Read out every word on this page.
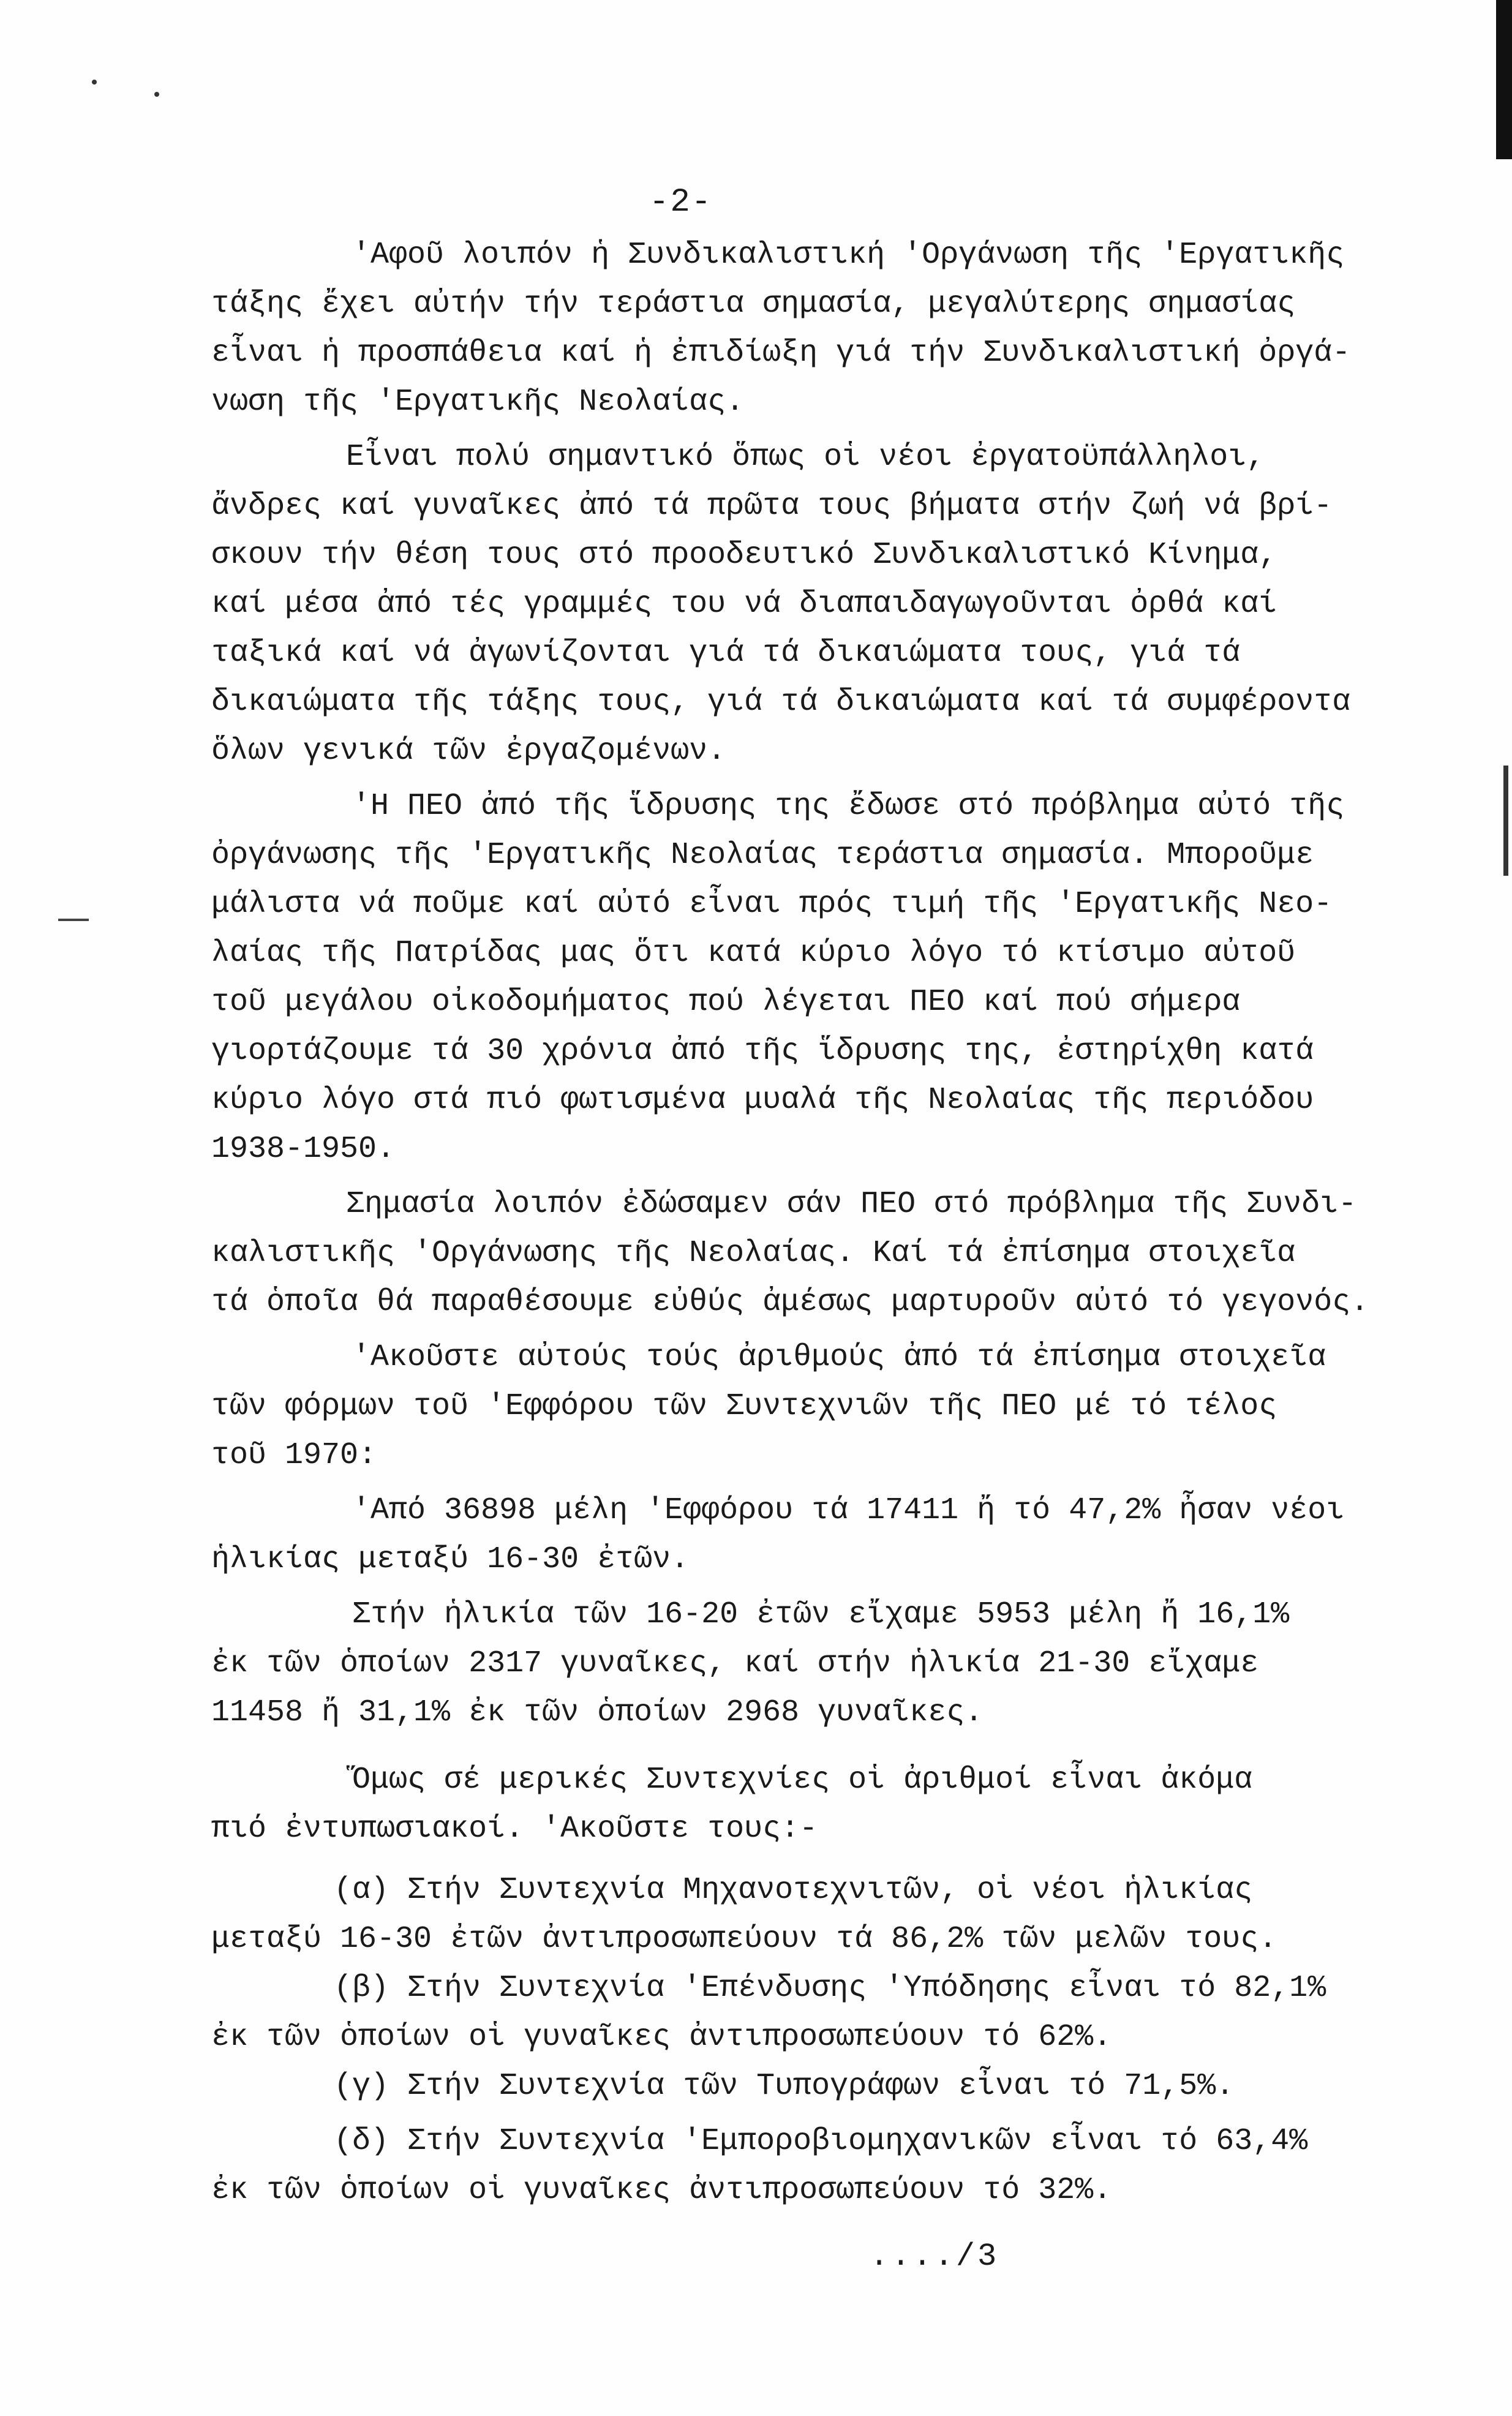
-2-
'Αφοῦ λοιπόν ἡ Συνδικαλιστική 'Οργάνωση τῆς 'Εργατικῆς
τάξης ἔχει αὐτήν τήν τεράστια σημασία, μεγαλύτερης σημασίας
εἶναι ἡ προσπάθεια καί ἡ ἐπιδίωξη γιά τήν Συνδικαλιστική ὀργά-
νωση τῆς 'Εργατικῆς Νεολαίας.
Εἶναι πολύ σημαντικό ὅπως οἱ νέοι ἐργατοϋπάλληλοι,
ἄνδρες καί γυναῖκες ἀπό τά πρῶτα τους βήματα στήν ζωή νά βρί-
σκουν τήν θέση τους στό προοδευτικό Συνδικαλιστικό Κίνημα,
καί μέσα ἀπό τές γραμμές του νά διαπαιδαγωγοῦνται ὀρθά καί
ταξικά καί νά ἀγωνίζονται γιά τά δικαιώματα τους, γιά τά
δικαιώματα τῆς τάξης τους, γιά τά δικαιώματα καί τά συμφέροντα
ὅλων γενικά τῶν ἐργαζομένων.
'Η ΠΕΟ ἀπό τῆς ἵδρυσης της ἔδωσε στό πρόβλημα αὐτό τῆς
ὀργάνωσης τῆς 'Εργατικῆς Νεολαίας τεράστια σημασία. Μποροῦμε
μάλιστα νά ποῦμε καί αὐτό εἶναι πρός τιμή τῆς 'Εργατικῆς Νεο-
λαίας τῆς Πατρίδας μας ὅτι κατά κύριο λόγο τό κτίσιμο αὐτοῦ
τοῦ μεγάλου οἰκοδομήματος πού λέγεται ΠΕΟ καί πού σήμερα
γιορτάζουμε τά 30 χρόνια ἀπό τῆς ἵδρυσης της, ἐστηρίχθη κατά
κύριο λόγο στά πιό φωτισμένα μυαλά τῆς Νεολαίας τῆς περιόδου
1938-1950.
Σημασία λοιπόν ἐδώσαμεν σάν ΠΕΟ στό πρόβλημα τῆς Συνδι-
καλιστικῆς 'Οργάνωσης τῆς Νεολαίας. Καί τά ἐπίσημα στοιχεῖα
τά ὁποῖα θά παραθέσουμε εὐθύς ἀμέσως μαρτυροῦν αὐτό τό γεγονός.
'Ακοῦστε αὐτούς τούς ἀριθμούς ἀπό τά ἐπίσημα στοιχεῖα
τῶν φόρμων τοῦ 'Εφφόρου τῶν Συντεχνιῶν τῆς ΠΕΟ μέ τό τέλος
τοῦ 1970:
'Από 36898 μέλη 'Εφφόρου τά 17411 ἤ τό 47,2% ἦσαν νέοι
ἡλικίας μεταξύ 16-30 ἐτῶν.
Στήν ἡλικία τῶν 16-20 ἐτῶν εἴχαμε 5953 μέλη ἤ 16,1%
ἐκ τῶν ὁποίων 2317 γυναῖκες, καί στήν ἡλικία 21-30 εἴχαμε
11458 ἤ 31,1% ἐκ τῶν ὁποίων 2968 γυναῖκες.
Ὅμως σέ μερικές Συντεχνίες οἱ ἀριθμοί εἶναι ἀκόμα
πιό ἐντυπωσιακοί. 'Ακοῦστε τους:-
(α) Στήν Συντεχνία Μηχανοτεχνιτῶν, οἱ νέοι ἡλικίας
μεταξύ 16-30 ἐτῶν ἀντιπροσωπεύουν τά 86,2% τῶν μελῶν τους.
(β) Στήν Συντεχνία 'Επένδυσης 'Υπόδησης εἶναι τό 82,1%
ἐκ τῶν ὁποίων οἱ γυναῖκες ἀντιπροσωπεύουν τό 62%.
(γ) Στήν Συντεχνία τῶν Τυπογράφων εἶναι τό 71,5%.
(δ) Στήν Συντεχνία 'Εμποροβιομηχανικῶν εἶναι τό 63,4%
ἐκ τῶν ὁποίων οἱ γυναῖκες ἀντιπροσωπεύουν τό 32%.
..../3
